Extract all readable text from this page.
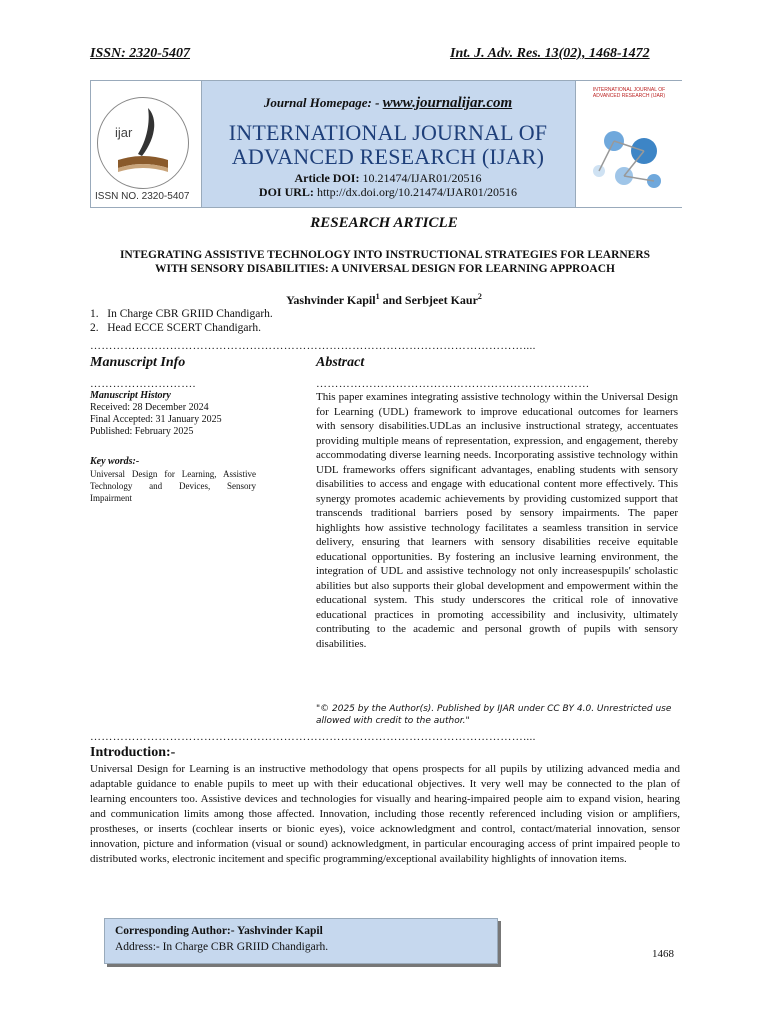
ISSN: 2320-5407	Int. J. Adv. Res. 13(02), 1468-1472
ijar
ISSN NO. 2320-5407
Journal Homepage: - www.journalijar.com
INTERNATIONAL JOURNAL OF
ADVANCED RESEARCH (IJAR)
Article DOI: 10.21474/IJAR01/20516
DOI URL: http://dx.doi.org/10.21474/IJAR01/20516
INTERNATIONAL JOURNAL OF ADVANCED RESEARCH (IJAR)
RESEARCH ARTICLE
INTEGRATING ASSISTIVE TECHNOLOGY INTO INSTRUCTIONAL STRATEGIES FOR LEARNERS
WITH SENSORY DISABILITIES: A UNIVERSAL DESIGN FOR LEARNING APPROACH
Yashvinder Kapil$^1$ and Serbjeet Kaur$^2$
1. In Charge CBR GRIID Chandigarh.
2. Head ECCE SCERT Chandigarh.
……………………………………………………………………………………………………....
Manuscript Info
……………………….
Manuscript History
Received: 28 December 2024
Final Accepted: 31 January 2025
Published: February 2025
Key words:-
Universal Design for Learning, Assistive Technology and Devices, Sensory Impairment
Abstract
………………………………………………………………
This paper examines integrating assistive technology within the Universal Design for Learning (UDL) framework to improve educational outcomes for learners with sensory disabilities.UDLas an inclusive instructional strategy, accentuates providing multiple means of representation, expression, and engagement, thereby accommodating diverse learning needs. Incorporating assistive technology within UDL frameworks offers significant advantages, enabling students with sensory disabilities to access and engage with educational content more effectively. This synergy promotes academic achievements by providing customized support that transcends traditional barriers posed by sensory impairments. The paper highlights how assistive technology facilitates a seamless transition in service delivery, ensuring that learners with sensory disabilities receive equitable educational opportunities. By fostering an inclusive learning environment, the integration of UDL and assistive technology not only increasespupils' scholastic abilities but also supports their global development and empowerment within the educational system. This study underscores the critical role of innovative educational practices in promoting accessibility and inclusivity, ultimately contributing to the academic and personal growth of pupils with sensory disabilities.
"© 2025 by the Author(s). Published by IJAR under CC BY 4.0. Unrestricted use allowed with credit to the author."
……………………………………………………………………………………………………....
Introduction:-
Universal Design for Learning is an instructive methodology that opens prospects for all pupils by utilizing advanced media and adaptable guidance to enable pupils to meet up with their educational objectives. It very well may be connected to the plan of learning encounters too. Assistive devices and technologies for visually and hearing-impaired people aim to expand vision, hearing and communication limits among those affected. Innovation, including those recently referenced including vision or amplifiers, prostheses, or inserts (cochlear inserts or bionic eyes), voice acknowledgment and control, contact/material innovation, sensor innovation, picture and information (visual or sound) acknowledgment, in particular encouraging access of print impaired people to distributed works, electronic incitement and specific programming/exceptional availability highlights of innovation items.
Corresponding Author:- Yashvinder Kapil
Address:- In Charge CBR GRIID Chandigarh.
1468
